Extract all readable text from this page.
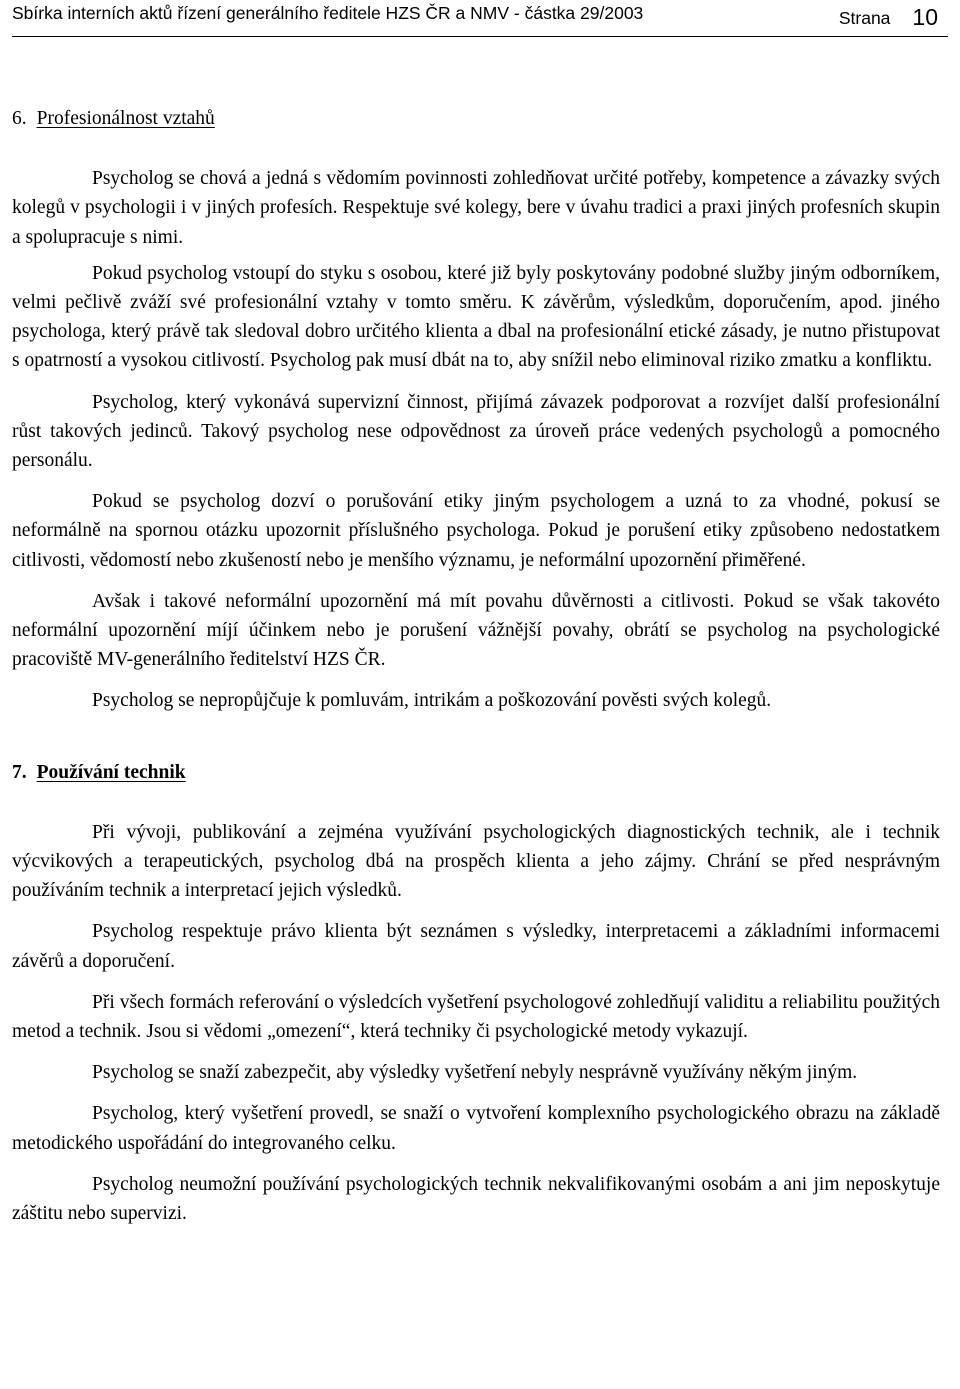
Sbírka interních aktů řízení generálního ředitele HZS ČR a NMV - částka 29/2003	Strana 10
6. Profesionálnost vztahů

Psycholog se chová a jedná s vědomím povinnosti zohledňovat určité potřeby, kompetence a závazky svých kolegů v psychologii i v jiných profesích. Respektuje své kolegy, bere v úvahu tradici a praxi jiných profesních skupin a spolupracuje s nimi.

Pokud psycholog vstoupí do styku s osobou, které již byly poskytovány podobné služby jiným odborníkem, velmi pečlivě zváží své profesionální vztahy v tomto směru. K závěrům, výsledkům, doporučením, apod. jiného psychologa, který právě tak sledoval dobro určitého klienta a dbal na profesionální etické zásady, je nutno přistupovat s opatrností a vysokou citlivostí. Psycholog pak musí dbát na to, aby snížil nebo eliminoval riziko zmatku a konfliktu.

Psycholog, který vykonává supervizní činnost, přijímá závazek podporovat a rozvíjet další profesionální růst takových jedinců. Takový psycholog nese odpovědnost za úroveň práce vedených psychologů a pomocného personálu.

Pokud se psycholog dozví o porušování etiky jiným psychologem a uzná to za vhodné, pokusí se neformálně na spornou otázku upozornit příslušného psychologa. Pokud je porušení etiky způsobeno nedostatkem citlivosti, vědomostí nebo zkušeností nebo je menšího významu, je neformální upozornění přiměřené.

Avšak i takové neformální upozornění má mít povahu důvěrnosti a citlivosti. Pokud se však takovéto neformální upozornění míjí účinkem nebo je porušení vážnější povahy, obrátí se psycholog na psychologické pracoviště MV-generálního ředitelství HZS ČR.

Psycholog se nepropůjčuje k pomluvám, intrikám a poškozování pověsti svých kolegů.

7. Používání technik

Při vývoji, publikování a zejména využívání psychologických diagnostických technik, ale i technik výcvikových a terapeutických, psycholog dbá na prospěch klienta a jeho zájmy. Chrání se před nesprávným používáním technik a interpretací jejich výsledků.

Psycholog respektuje právo klienta být seznámen s výsledky, interpretacemi a základními informacemi závěrů a doporučení.

Při všech formách referování o výsledcích vyšetření psychologové zohledňují validitu a reliabilitu použitých metod a technik. Jsou si vědomi „omezení“, která techniky či psychologické metody vykazují.

Psycholog se snaží zabezpečit, aby výsledky vyšetření nebyly nesprávně využívány někým jiným.

Psycholog, který vyšetření provedl, se snaží o vytvoření komplexního psychologického obrazu na základě metodického uspořádání do integrovaného celku.

Psycholog neumožní používání psychologických technik nekvalifikovanými osobám a ani jim neposkytuje záštitu nebo supervizi.
